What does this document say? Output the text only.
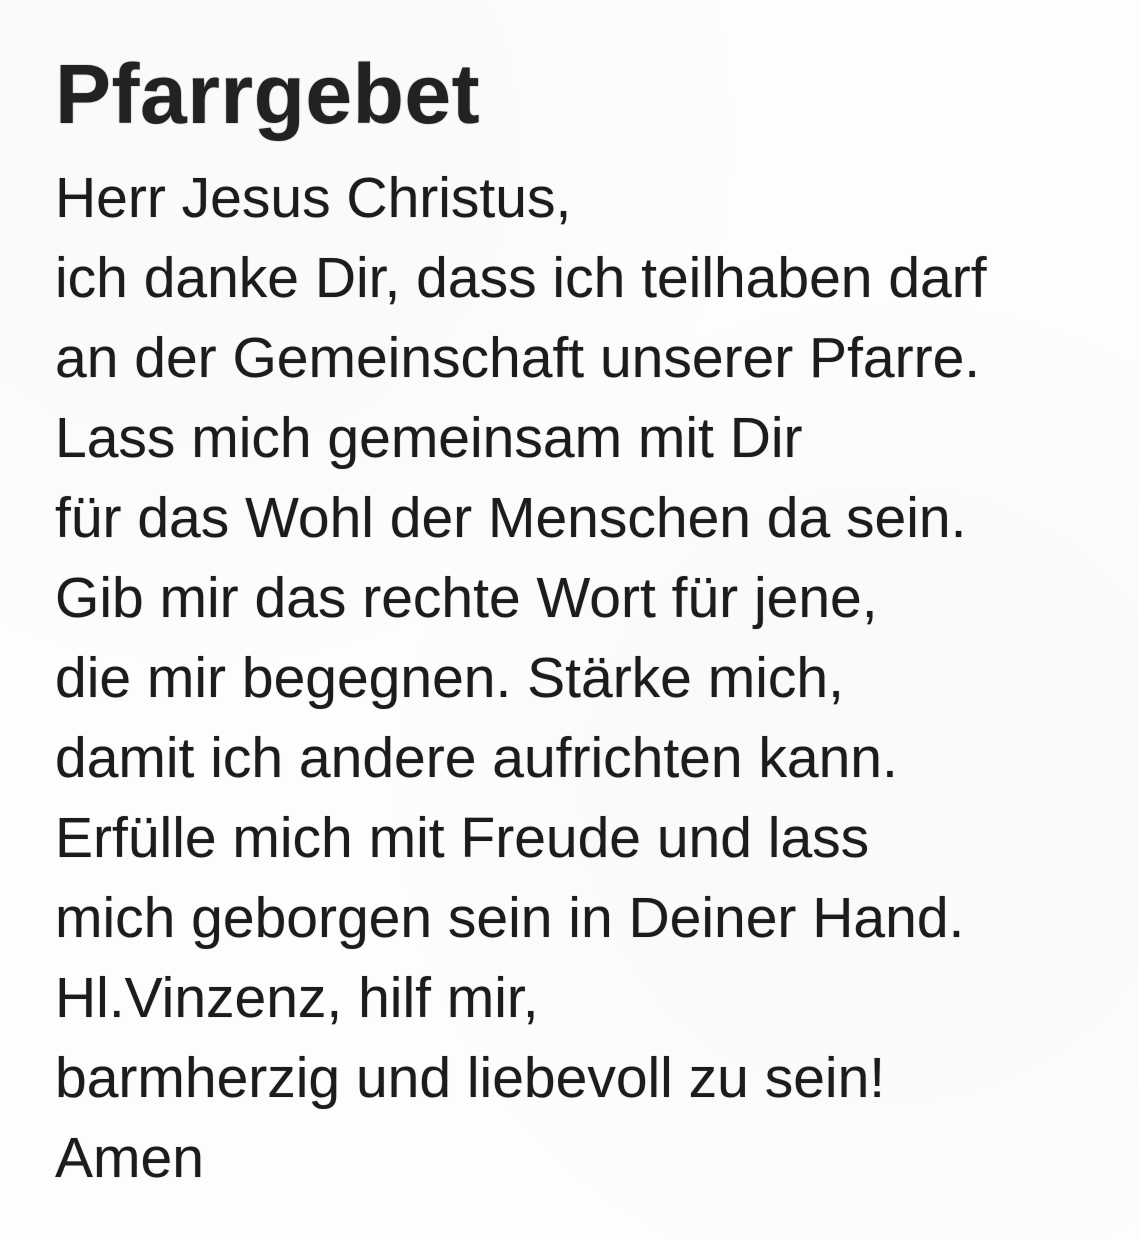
Pfarrgebet
Herr Jesus Christus,
ich danke Dir, dass ich teilhaben darf
an der Gemeinschaft unserer Pfarre.
Lass mich gemeinsam mit Dir
für das Wohl der Menschen da sein.
Gib mir das rechte Wort für jene,
die mir begegnen. Stärke mich,
damit ich andere aufrichten kann.
Erfülle mich mit Freude und lass
mich geborgen sein in Deiner Hand.
Hl.Vinzenz, hilf mir,
barmherzig und liebevoll zu sein!
Amen
